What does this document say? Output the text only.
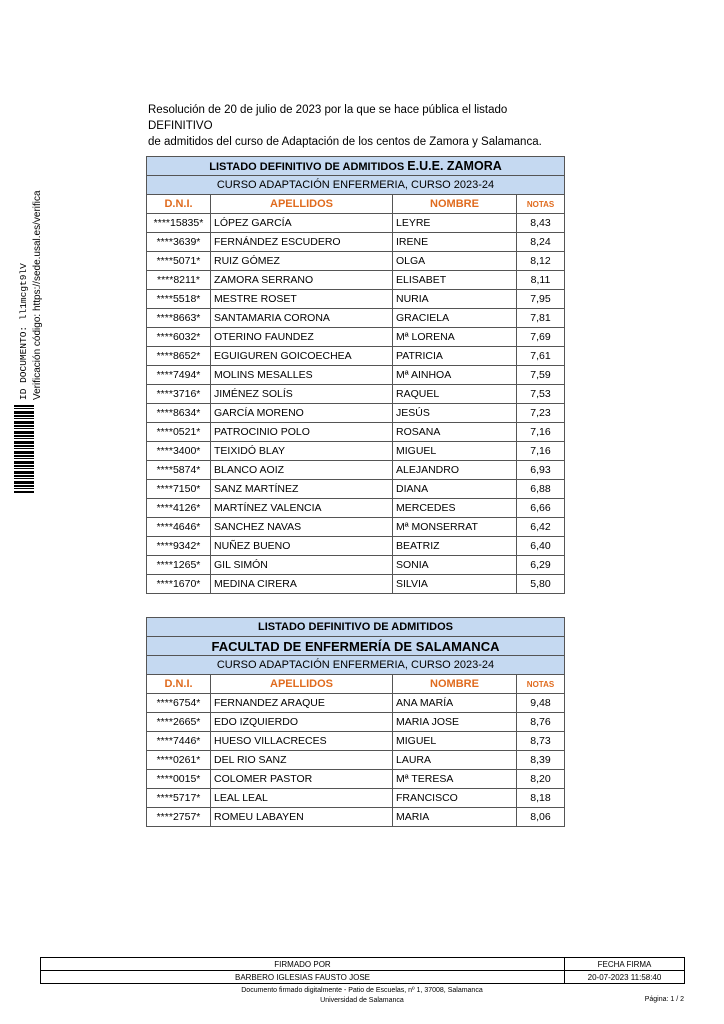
ID DOCUMENTO: ll1mcgt9lV Verificación código: https://sede.usal.es/verifica
Resolución de 20 de julio de 2023 por la que se hace pública el listado DEFINITIVO
de admitidos del curso de Adaptación de los centos de Zamora y Salamanca.
LISTADO DEFINITIVO DE ADMITIDOS E.U.E. ZAMORA			
CURSO ADAPTACIÓN ENFERMERIA, CURSO 2023-24			
D.N.I.	APELLIDOS	NOMBRE	NOTAS
****15835*	LÓPEZ GARCÍA	LEYRE	8,43
****3639*	FERNÁNDEZ ESCUDERO	IRENE	8,24
****5071*	RUIZ GÓMEZ	OLGA	8,12
****8211*	ZAMORA SERRANO	ELISABET	8,11
****5518*	MESTRE ROSET	NURIA	7,95
****8663*	SANTAMARIA CORONA	GRACIELA	7,81
****6032*	OTERINO FAUNDEZ	Mª LORENA	7,69
****8652*	EGUIGUREN GOICOECHEA	PATRICIA	7,61
****7494*	MOLINS MESALLES	Mª AINHOA	7,59
****3716*	JIMÉNEZ SOLÍS	RAQUEL	7,53
****8634*	GARCÍA MORENO	JESÚS	7,23
****0521*	PATROCINIO POLO	ROSANA	7,16
****3400*	TEIXIDÓ BLAY	MIGUEL	7,16
****5874*	BLANCO AOIZ	ALEJANDRO	6,93
****7150*	SANZ MARTÍNEZ	DIANA	6,88
****4126*	MARTÍNEZ VALENCIA	MERCEDES	6,66
****4646*	SANCHEZ NAVAS	Mª MONSERRAT	6,42
****9342*	NUÑEZ BUENO	BEATRIZ	6,40
****1265*	GIL SIMÓN	SONIA	6,29
****1670*	MEDINA CIRERA	SILVIA	5,80
LISTADO DEFINITIVO DE ADMITIDOS			
FACULTAD DE ENFERMERÍA DE SALAMANCA			
CURSO ADAPTACIÓN ENFERMERIA, CURSO 2023-24			
D.N.I.	APELLIDOS	NOMBRE	NOTAS
****6754*	FERNANDEZ ARAQUE	ANA MARÍA	9,48
****2665*	EDO IZQUIERDO	MARIA JOSE	8,76
****7446*	HUESO VILLACRECES	MIGUEL	8,73
****0261*	DEL RIO SANZ	LAURA	8,39
****0015*	COLOMER PASTOR	Mª TERESA	8,20
****5717*	LEAL LEAL	FRANCISCO	8,18
****2757*	ROMEU LABAYEN	MARIA	8,06
FIRMADO POR	FECHA FIRMA
BARBERO IGLESIAS FAUSTO JOSE	20-07-2023 11:58:40
Documento firmado digitalmente - Patio de Escuelas, nº 1, 37008, Salamanca
Universidad de Salamanca	Página: 1 / 2
